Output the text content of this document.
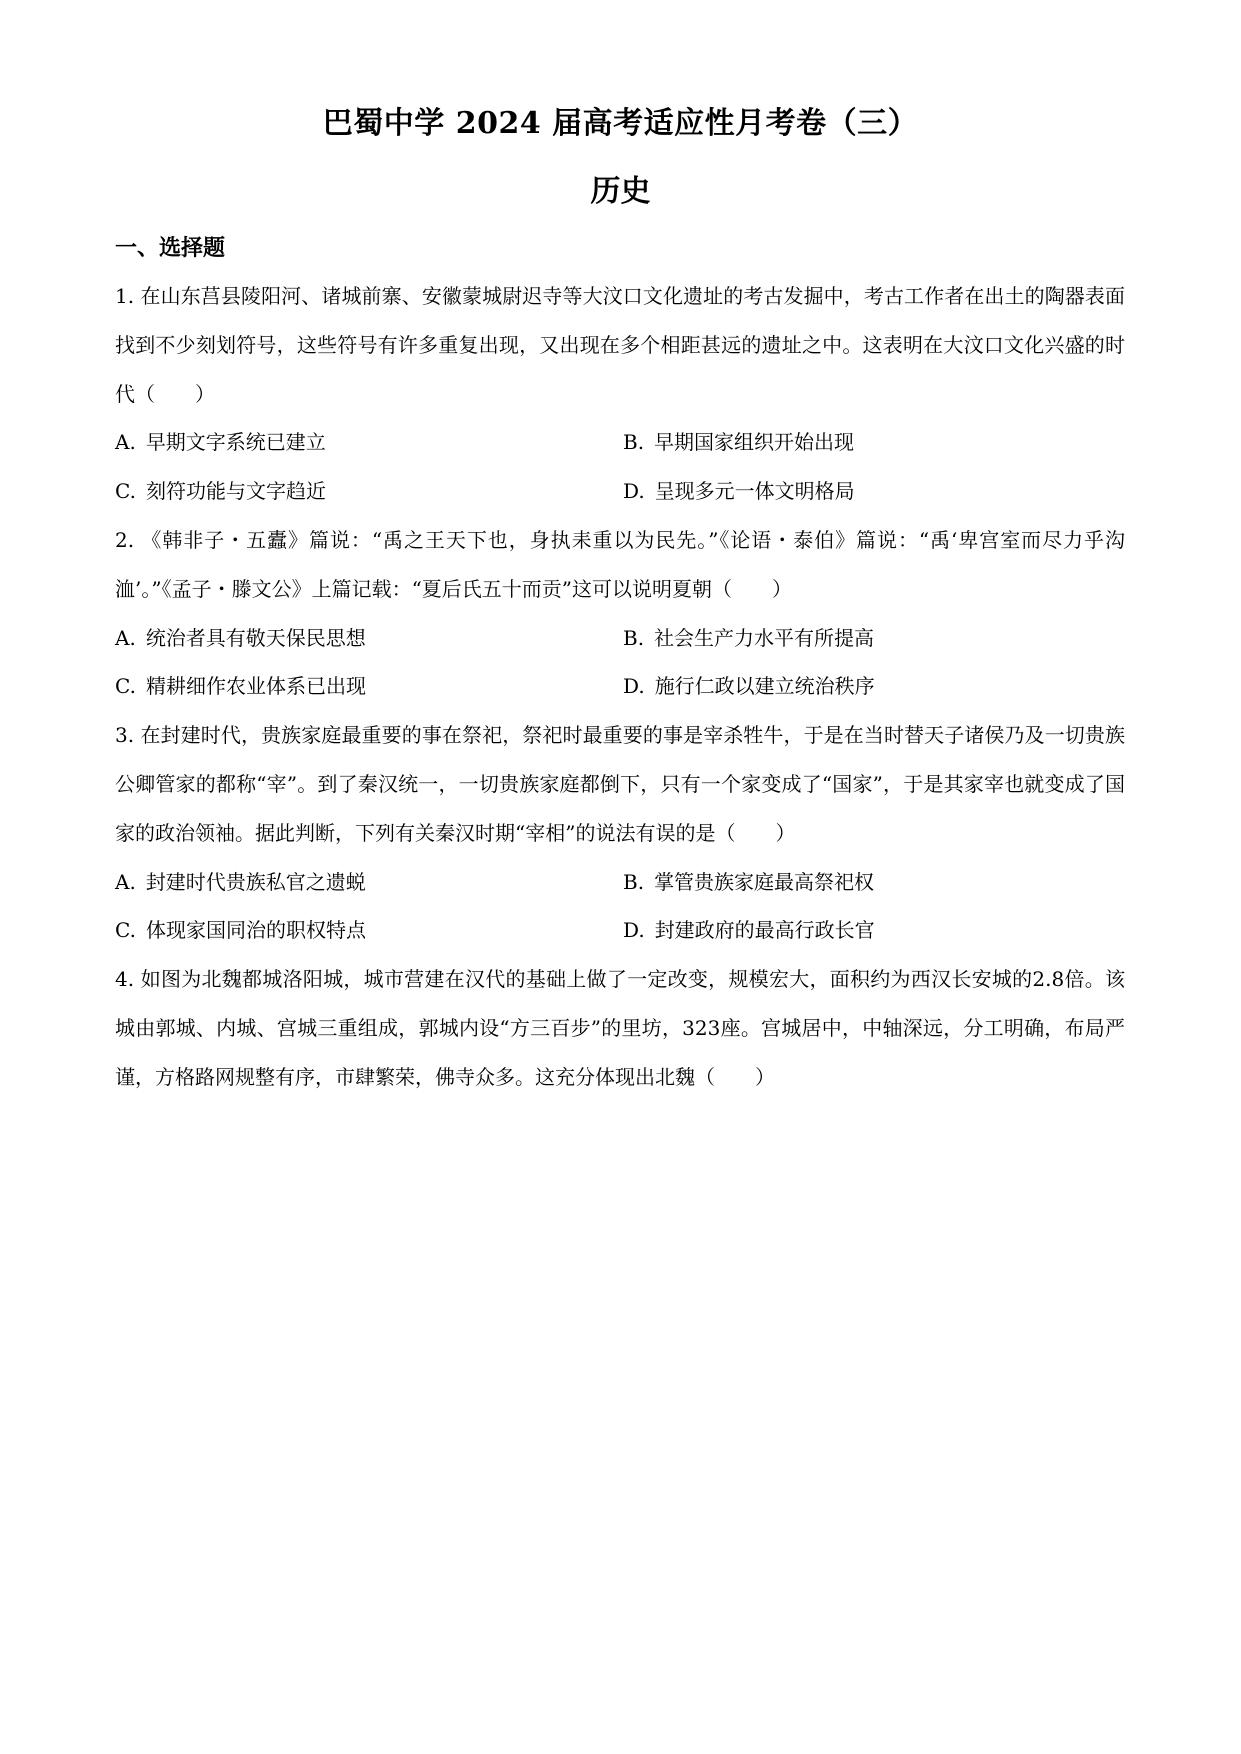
巴蜀中学 2024 届高考适应性月考卷（三）
历史
一、选择题
1. 在山东莒县陵阳河、诸城前寨、安徽蒙城尉迟寺等大汶口文化遗址的考古发掘中，考古工作者在出土的陶器表面找到不少刻划符号，这些符号有许多重复出现，又出现在多个相距甚远的遗址之中。这表明在大汶口文化兴盛的时代（　　）
A. 早期文字系统已建立	B. 早期国家组织开始出现
C. 刻符功能与文字趋近	D. 呈现多元一体文明格局
2. 《韩非子・五蠹》篇说：“禹之王天下也，身执耒重以为民先。”《论语・泰伯》篇说：“禹‘卑宫室而尽力乎沟洫’。”《孟子・滕文公》上篇记载：“夏后氏五十而贡”这可以说明夏朝（　　）
A. 统治者具有敬天保民思想	B. 社会生产力水平有所提高
C. 精耕细作农业体系已出现	D. 施行仁政以建立统治秩序
3. 在封建时代，贵族家庭最重要的事在祭祀，祭祀时最重要的事是宰杀牲牛，于是在当时替天子诸侯乃及一切贵族公卿管家的都称“宰”。到了秦汉统一，一切贵族家庭都倒下，只有一个家变成了“国家”，于是其家宰也就变成了国家的政治领袖。据此判断，下列有关秦汉时期“宰相”的说法有误的是（　　）
A. 封建时代贵族私官之遗蜕	B. 掌管贵族家庭最高祭祀权
C. 体现家国同治的职权特点	D. 封建政府的最高行政长官
4. 如图为北魏都城洛阳城，城市营建在汉代的基础上做了一定改变，规模宏大，面积约为西汉长安城的2.8倍。该城由郭城、内城、宫城三重组成，郭城内设“方三百步”的里坊，323座。宫城居中，中轴深远，分工明确，布局严谨，方格路网规整有序，市肆繁荣，佛寺众多。这充分体现出北魏（　　）
